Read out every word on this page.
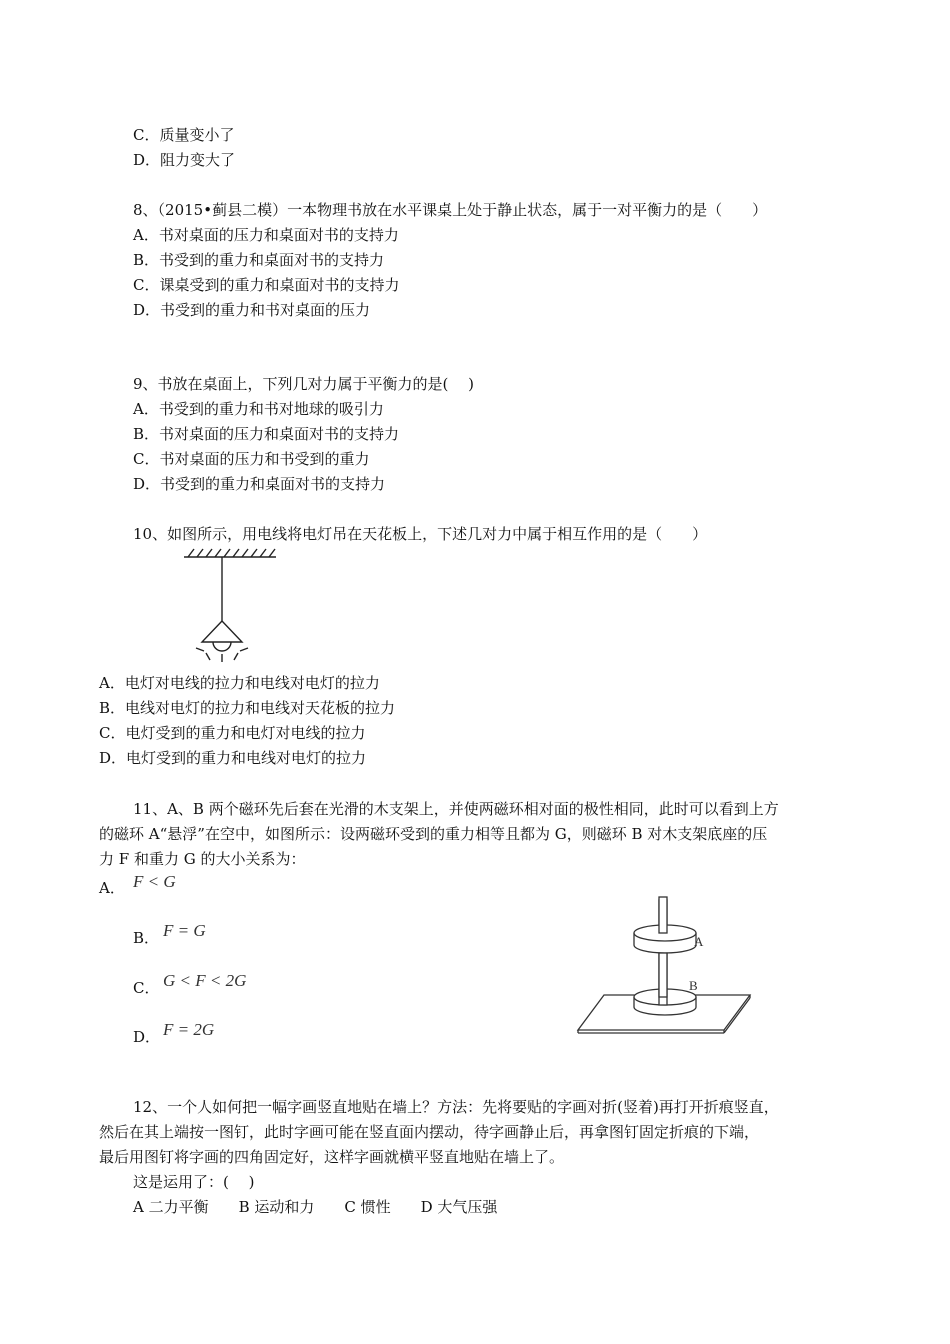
C．质量变小了
D．阻力变大了
8、（2015•蓟县二模）一本物理书放在水平课桌上处于静止状态，属于一对平衡力的是（　　）
A．书对桌面的压力和桌面对书的支持力
B．书受到的重力和桌面对书的支持力
C．课桌受到的重力和桌面对书的支持力
D．书受到的重力和书对桌面的压力
9、书放在桌面上，下列几对力属于平衡力的是(　 )
A．书受到的重力和书对地球的吸引力
B．书对桌面的压力和桌面对书的支持力
C．书对桌面的压力和书受到的重力
D．书受到的重力和桌面对书的支持力
10、如图所示，用电线将电灯吊在天花板上，下述几对力中属于相互作用的是（　　）
A．电灯对电线的拉力和电线对电灯的拉力
B．电线对电灯的拉力和电线对天花板的拉力
C．电灯受到的重力和电灯对电线的拉力
D．电灯受到的重力和电线对电灯的拉力
11、A、B 两个磁环先后套在光滑的木支架上，并使两磁环相对面的极性相同，此时可以看到上方
的磁环 A“悬浮”在空中，如图所示：设两磁环受到的重力相等且都为 G，则磁环 B 对木支架底座的压
力 F 和重力 G 的大小关系为：
A． F < G
B． F = G
C． G < F < 2G
D． F = 2G
A
B
12、一个人如何把一幅字画竖直地贴在墙上？方法：先将要贴的字画对折(竖着)再打开折痕竖直，
然后在其上端按一图钉，此时字画可能在竖直面内摆动，待字画静止后，再拿图钉固定折痕的下端，
最后用图钉将字画的四角固定好，这样字画就横平竖直地贴在墙上了。
这是运用了：(　 )
A 二力平衡　　B 运动和力　　C 惯性　　D 大气压强
